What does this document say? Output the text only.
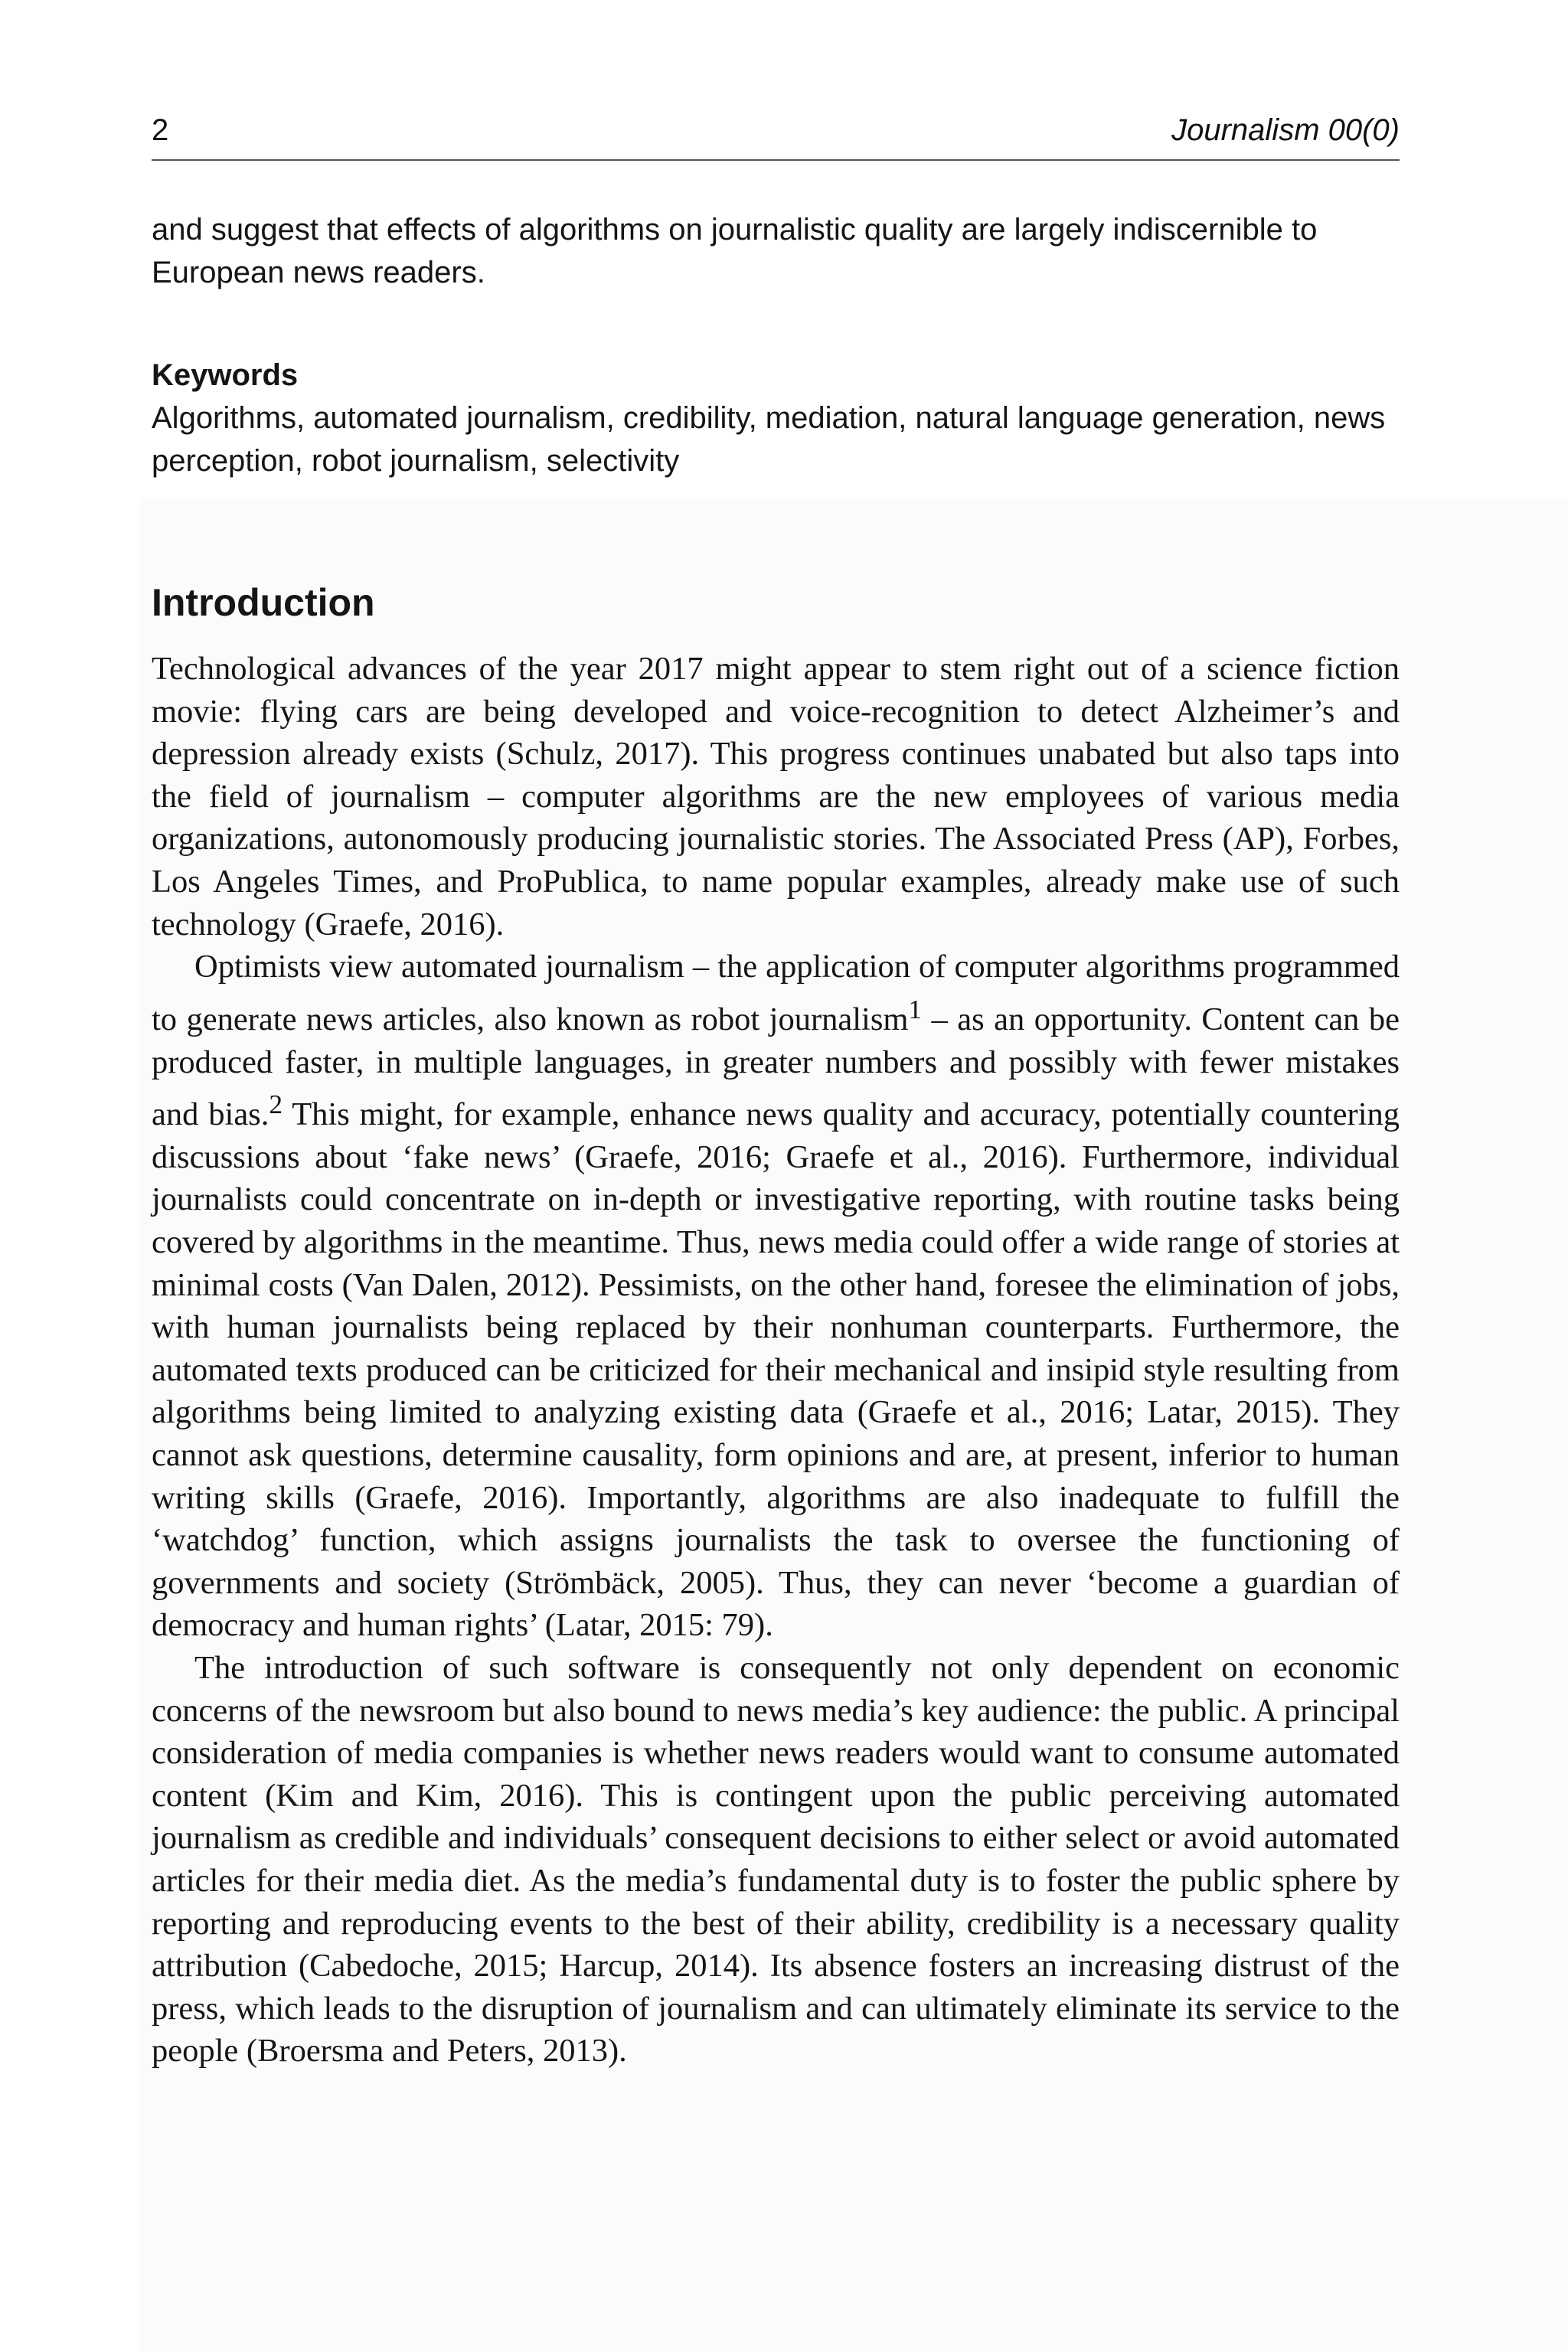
2	Journalism 00(0)
and suggest that effects of algorithms on journalistic quality are largely indiscernible to European news readers.
Keywords
Algorithms, automated journalism, credibility, mediation, natural language generation, news perception, robot journalism, selectivity
Introduction

Technological advances of the year 2017 might appear to stem right out of a science fiction movie: flying cars are being developed and voice-recognition to detect Alzheimer’s and depression already exists (Schulz, 2017). This progress continues unabated but also taps into the field of journalism – computer algorithms are the new employees of various media organizations, autonomously producing journalistic stories. The Associated Press (AP), Forbes, Los Angeles Times, and ProPublica, to name popular examples, already make use of such technology (Graefe, 2016).

Optimists view automated journalism – the application of computer algorithms programmed to generate news articles, also known as robot journalism$^1$ – as an opportunity. Content can be produced faster, in multiple languages, in greater numbers and possibly with fewer mistakes and bias.$^2$ This might, for example, enhance news quality and accuracy, potentially countering discussions about ‘fake news’ (Graefe, 2016; Graefe et al., 2016). Furthermore, individual journalists could concentrate on in-depth or investigative reporting, with routine tasks being covered by algorithms in the meantime. Thus, news media could offer a wide range of stories at minimal costs (Van Dalen, 2012). Pessimists, on the other hand, foresee the elimination of jobs, with human journalists being replaced by their nonhuman counterparts. Furthermore, the automated texts produced can be criticized for their mechanical and insipid style resulting from algorithms being limited to analyzing existing data (Graefe et al., 2016; Latar, 2015). They cannot ask questions, determine causality, form opinions and are, at present, inferior to human writing skills (Graefe, 2016). Importantly, algorithms are also inadequate to fulfill the ‘watchdog’ function, which assigns journalists the task to oversee the functioning of governments and society (Strömbäck, 2005). Thus, they can never ‘become a guardian of democracy and human rights’ (Latar, 2015: 79).

The introduction of such software is consequently not only dependent on economic concerns of the newsroom but also bound to news media’s key audience: the public. A principal consideration of media companies is whether news readers would want to consume automated content (Kim and Kim, 2016). This is contingent upon the public perceiving automated journalism as credible and individuals’ consequent decisions to either select or avoid automated articles for their media diet. As the media’s fundamental duty is to foster the public sphere by reporting and reproducing events to the best of their ability, credibility is a necessary quality attribution (Cabedoche, 2015; Harcup, 2014). Its absence fosters an increasing distrust of the press, which leads to the disruption of journalism and can ultimately eliminate its service to the people (Broersma and Peters, 2013).
